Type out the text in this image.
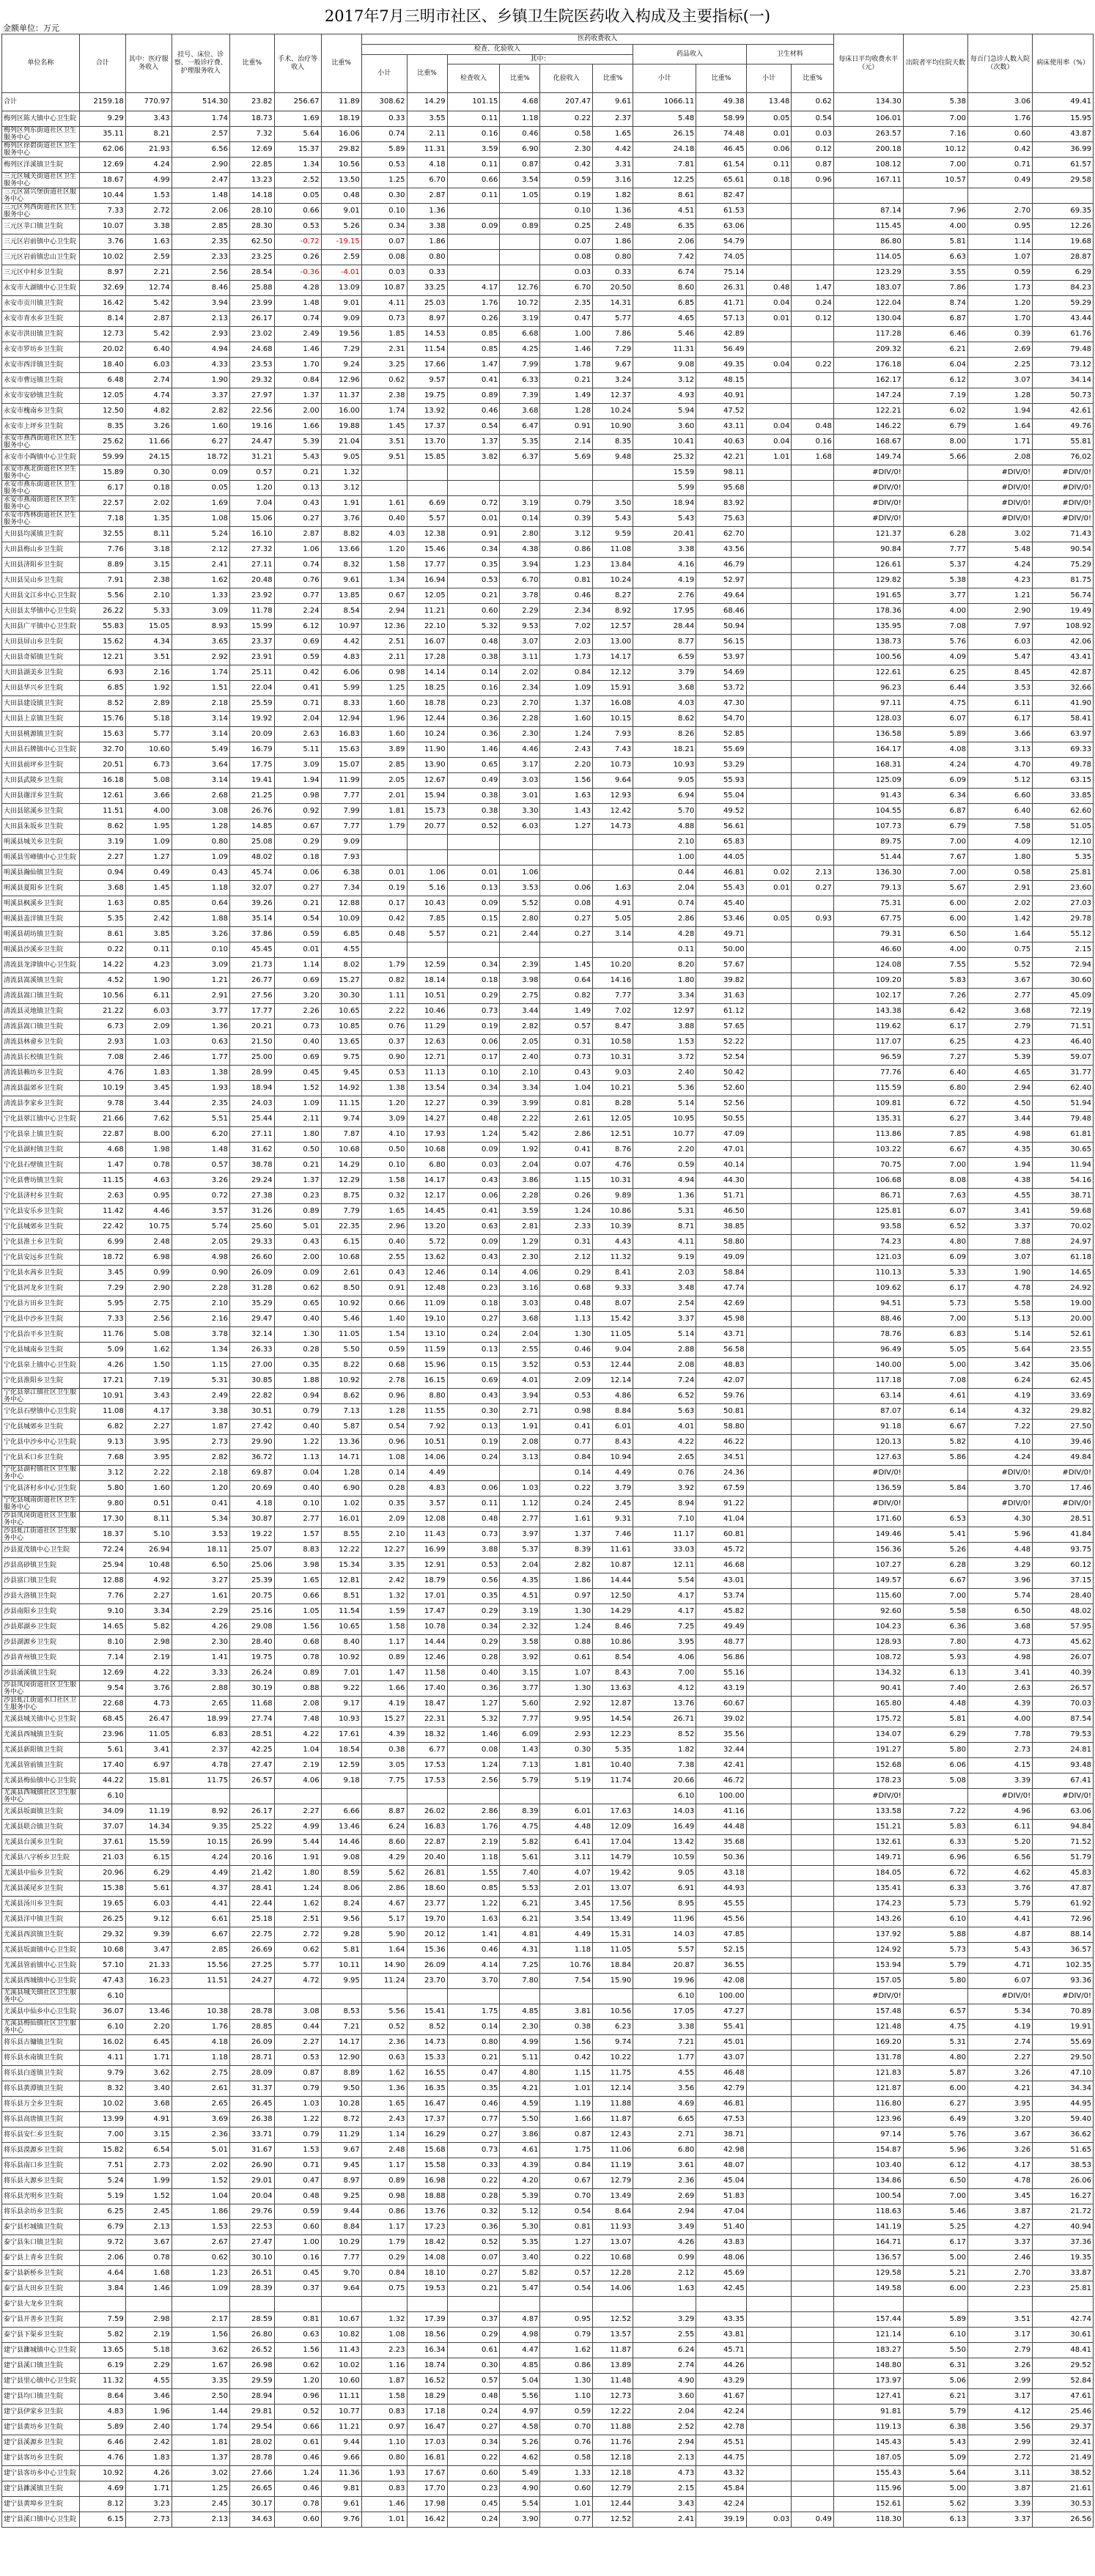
2017年7月三明市社区、乡镇卫生院医药收入构成及主要指标(一)
金额单位：万元
单位名称	合计	其中：医疗服务收入	挂号、床位、诊察、一般诊疗费、护理服务收入	比重%	手术、治疗等收入	比重%	医药收费收入										每床日平均收费水平（元）	出院者平均住院天数	每百门急诊人数入院（次数）	病床使用率（%）
							检查、化验收入						药品收入		卫生材料					
							小计	比重%	其中：											
									检查收入	比重%	化验收入	比重%	小计	比重%	小计	比重%				
合计	2159.18	770.97	514.30	23.82	256.67	11.89	308.62	14.29	101.15	4.68	207.47	9.61	1066.11	49.38	13.48	0.62	134.30	5.38	3.06	49.41
梅列区陈大镇中心卫生院	9.29	3.43	1.74	18.73	1.69	18.19	0.33	3.55	0.11	1.18	0.22	2.37	5.48	58.99	0.05	0.54	106.01	7.00	1.76	15.95
梅列区列东街道社区卫生服务中心	35.11	8.21	2.57	7.32	5.64	16.06	0.74	2.11	0.16	0.46	0.58	1.65	26.15	74.48	0.01	0.03	263.57	7.16	0.60	43.87
梅列区徐碧街道社区卫生服务中心	62.06	21.93	6.56	12.69	15.37	29.82	5.89	11.31	3.59	6.90	2.30	4.42	24.18	46.45	0.06	0.12	200.18	10.12	0.42	36.99
梅列区洋溪镇卫生院	12.69	4.24	2.90	22.85	1.34	10.56	0.53	4.18	0.11	0.87	0.42	3.31	7.81	61.54	0.11	0.87	108.12	7.00	0.71	61.57
三元区城关街道社区卫生服务中心	18.67	4.99	2.47	13.23	2.52	13.50	1.25	6.70	0.66	3.54	0.59	3.16	12.25	65.61	0.18	0.96	167.11	10.57	0.49	29.58
三元区富兴堡街道社区服务中心	10.44	1.53	1.48	14.18	0.05	0.48	0.30	2.87	0.11	1.05	0.19	1.82	8.61	82.47						
三元区列西街道社区卫生服务中心	7.33	2.72	2.06	28.10	0.66	9.01	0.10	1.36			0.10	1.36	4.51	61.53			87.14	7.96	2.70	69.35
三元区莘口镇卫生院	10.07	3.38	2.85	28.30	0.53	5.26	0.34	3.38	0.09	0.89	0.25	2.48	6.35	63.06			115.45	4.00	0.95	12.26
三元区岩前镇中心卫生院	3.76	1.63	2.35	62.50	-0.72	-19.15	0.07	1.86			0.07	1.86	2.06	54.79			86.80	5.81	1.14	19.68
三元区岩前镇忠山卫生院	10.02	2.59	2.33	23.25	0.26	2.59	0.08	0.80			0.08	0.80	7.42	74.05			114.05	6.63	1.07	28.87
三元区中村乡卫生院	8.97	2.21	2.56	28.54	-0.36	-4.01	0.03	0.33			0.03	0.33	6.74	75.14			123.29	3.55	0.59	6.29
永安市大湖镇中心卫生院	32.69	12.74	8.46	25.88	4.28	13.09	10.87	33.25	4.17	12.76	6.70	20.50	8.60	26.31	0.48	1.47	183.07	7.86	1.73	84.23
永安市贡川镇卫生院	16.42	5.42	3.94	23.99	1.48	9.01	4.11	25.03	1.76	10.72	2.35	14.31	6.85	41.71	0.04	0.24	122.04	8.74	1.20	59.29
永安市青水乡卫生院	8.14	2.87	2.13	26.17	0.74	9.09	0.73	8.97	0.26	3.19	0.47	5.77	4.65	57.13	0.01	0.12	130.04	6.87	1.70	43.44
永安市洪田镇卫生院	12.73	5.42	2.93	23.02	2.49	19.56	1.85	14.53	0.85	6.68	1.00	7.86	5.46	42.89			117.28	6.46	0.39	61.76
永安市罗坊乡卫生院	20.02	6.40	4.94	24.68	1.46	7.29	2.31	11.54	0.85	4.25	1.46	7.29	11.31	56.49			209.32	6.21	2.69	79.48
永安市西洋镇卫生院	18.40	6.03	4.33	23.53	1.70	9.24	3.25	17.66	1.47	7.99	1.78	9.67	9.08	49.35	0.04	0.22	176.18	6.04	2.25	73.12
永安市曹远镇卫生院	6.48	2.74	1.90	29.32	0.84	12.96	0.62	9.57	0.41	6.33	0.21	3.24	3.12	48.15			162.17	6.12	3.07	34.14
永安市安砂镇卫生院	12.05	4.74	3.37	27.97	1.37	11.37	2.38	19.75	0.89	7.39	1.49	12.37	4.93	40.91			147.24	7.19	1.28	50.73
永安市槐南乡卫生院	12.50	4.82	2.82	22.56	2.00	16.00	1.74	13.92	0.46	3.68	1.28	10.24	5.94	47.52			122.21	6.02	1.94	42.61
永安市上坪乡卫生院	8.35	3.26	1.60	19.16	1.66	19.88	1.45	17.37	0.54	6.47	0.91	10.90	3.60	43.11	0.04	0.48	146.22	6.79	1.64	49.76
永安市燕西街道社区卫生服务中心	25.62	11.66	6.27	24.47	5.39	21.04	3.51	13.70	1.37	5.35	2.14	8.35	10.41	40.63	0.04	0.16	168.67	8.00	1.71	55.81
永安市小陶镇中心卫生院	59.99	24.15	18.72	31.21	5.43	9.05	9.51	15.85	3.82	6.37	5.69	9.48	25.32	42.21	1.01	1.68	149.74	5.66	2.08	76.02
永安市燕北街道社区卫生服务中心	15.89	0.30	0.09	0.57	0.21	1.32							15.59	98.11			#DIV/0!		#DIV/0!	#DIV/0!
永安市燕东街道社区卫生服务中心	6.17	0.18	0.05	1.20	0.13	3.12							5.99	95.68			#DIV/0!		#DIV/0!	#DIV/0!
永安市燕南街道社区卫生服务中心	22.57	2.02	1.69	7.04	0.43	1.91	1.61	6.69	0.72	3.19	0.79	3.50	18.94	83.92			#DIV/0!		#DIV/0!	#DIV/0!
永安市西林街道社区卫生服务中心	7.18	1.35	1.08	15.06	0.27	3.76	0.40	5.57	0.01	0.14	0.39	5.43	5.43	75.63			#DIV/0!		#DIV/0!	#DIV/0!
大田县均溪镇卫生院	32.55	8.11	5.24	16.10	2.87	8.82	4.03	12.38	0.91	2.80	3.12	9.59	20.41	62.70			121.37	6.28	3.02	71.43
大田县梅山乡卫生院	7.76	3.18	2.12	27.32	1.06	13.66	1.20	15.46	0.34	4.38	0.86	11.08	3.38	43.56			90.84	7.77	5.48	90.54
大田县济阳乡卫生院	8.89	3.15	2.41	27.11	0.74	8.32	1.58	17.77	0.35	3.94	1.23	13.84	4.16	46.79			126.61	5.37	4.24	75.29
大田县吴山乡卫生院	7.91	2.38	1.62	20.48	0.76	9.61	1.34	16.94	0.53	6.70	0.81	10.24	4.19	52.97			129.82	5.38	4.23	81.75
大田县文江乡中心卫生院	5.56	2.10	1.33	23.92	0.77	13.85	0.67	12.05	0.21	3.78	0.46	8.27	2.76	49.64			191.65	3.77	1.21	56.74
大田县太华镇中心卫生院	26.22	5.33	3.09	11.78	2.24	8.54	2.94	11.21	0.60	2.29	2.34	8.92	17.95	68.46			178.36	4.00	2.90	19.49
大田县广平镇中心卫生院	55.83	15.05	8.93	15.99	6.12	10.97	12.36	22.10	5.32	9.53	7.02	12.57	28.44	50.94			135.95	7.08	7.97	108.92
大田县屏山乡卫生院	15.62	4.34	3.65	23.37	0.69	4.42	2.51	16.07	0.48	3.07	2.03	13.00	8.77	56.15			138.73	5.76	6.03	42.06
大田县奇韬镇卫生院	12.21	3.51	2.92	23.91	0.59	4.83	2.11	17.28	0.38	3.11	1.73	14.17	6.59	53.97			100.56	4.09	5.47	43.41
大田县湖美乡卫生院	6.93	2.16	1.74	25.11	0.42	6.06	0.98	14.14	0.14	2.02	0.84	12.12	3.79	54.69			122.61	6.25	8.45	42.87
大田县华兴乡卫生院	6.85	1.92	1.51	22.04	0.41	5.99	1.25	18.25	0.16	2.34	1.09	15.91	3.68	53.72			96.23	6.44	3.53	32.66
大田县建设镇卫生院	8.52	2.89	2.18	25.59	0.71	8.33	1.60	18.78	0.23	2.70	1.37	16.08	4.03	47.30			97.11	4.75	6.11	41.90
大田县上京镇卫生院	15.76	5.18	3.14	19.92	2.04	12.94	1.96	12.44	0.36	2.28	1.60	10.15	8.62	54.70			128.03	6.07	6.17	58.41
大田县桃源镇卫生院	15.63	5.77	3.14	20.09	2.63	16.83	1.60	10.24	0.36	2.30	1.24	7.93	8.26	52.85			136.58	5.89	3.66	63.97
大田县石牌镇中心卫生院	32.70	10.60	5.49	16.79	5.11	15.63	3.89	11.90	1.46	4.46	2.43	7.43	18.21	55.69			164.17	4.08	3.13	69.33
大田县前坪乡卫生院	20.51	6.73	3.64	17.75	3.09	15.07	2.85	13.90	0.65	3.17	2.20	10.73	10.93	53.29			168.31	4.24	4.70	49.78
大田县武陵乡卫生院	16.18	5.08	3.14	19.41	1.94	11.99	2.05	12.67	0.49	3.03	1.56	9.64	9.05	55.93			125.09	6.09	5.12	63.15
大田县谢洋乡卫生院	12.61	3.66	2.68	21.25	0.98	7.77	2.01	15.94	0.38	3.01	1.63	12.93	6.94	55.04			91.43	6.34	6.60	33.85
大田县铭溪乡卫生院	11.51	4.00	3.08	26.76	0.92	7.99	1.81	15.73	0.38	3.30	1.43	12.42	5.70	49.52			104.55	6.87	6.40	62.60
大田县朱坂乡卫生院	8.62	1.95	1.28	14.85	0.67	7.77	1.79	20.77	0.52	6.03	1.27	14.73	4.88	56.61			107.73	6.79	7.58	51.05
明溪县城关乡卫生院	3.19	1.09	0.80	25.08	0.29	9.09							2.10	65.83			89.75	7.00	4.09	12.10
明溪县雪峰镇中心卫生院	2.27	1.27	1.09	48.02	0.18	7.93							1.00	44.05			51.44	7.67	1.80	5.35
明溪县瀚仙镇卫生院	0.94	0.49	0.43	45.74	0.06	6.38	0.01	1.06	0.01	1.06			0.44	46.81	0.02	2.13	136.30	7.00	0.58	25.81
明溪县夏阳乡卫生院	3.68	1.45	1.18	32.07	0.27	7.34	0.19	5.16	0.13	3.53	0.06	1.63	2.04	55.43	0.01	0.27	79.13	5.67	2.91	23.60
明溪县枫溪乡卫生院	1.63	0.85	0.64	39.26	0.21	12.88	0.17	10.43	0.09	5.52	0.08	4.91	0.74	45.40			75.31	6.00	2.02	27.03
明溪县盖洋镇卫生院	5.35	2.42	1.88	35.14	0.54	10.09	0.42	7.85	0.15	2.80	0.27	5.05	2.86	53.46	0.05	0.93	67.75	6.00	1.42	29.78
明溪县胡坊镇卫生院	8.61	3.85	3.26	37.86	0.59	6.85	0.48	5.57	0.21	2.44	0.27	3.14	4.28	49.71			79.31	6.50	1.64	55.12
明溪县沙溪乡卫生院	0.22	0.11	0.10	45.45	0.01	4.55							0.11	50.00			46.60	4.00	0.75	2.15
清流县龙津镇中心卫生院	14.22	4.23	3.09	21.73	1.14	8.02	1.79	12.59	0.34	2.39	1.45	10.20	8.20	57.67			124.08	7.55	5.52	72.94
清流县嵩溪镇卫生院	4.52	1.90	1.21	26.77	0.69	15.27	0.82	18.14	0.18	3.98	0.64	14.16	1.80	39.82			109.20	5.83	3.67	30.60
清流县嵩口镇卫生院	10.56	6.11	2.91	27.56	3.20	30.30	1.11	10.51	0.29	2.75	0.82	7.77	3.34	31.63			102.17	7.26	2.77	45.09
清流县灵地镇卫生院	21.22	6.03	3.77	17.77	2.26	10.65	2.22	10.46	0.73	3.44	1.49	7.02	12.97	61.12			143.38	6.42	3.68	72.19
清流县嵩口镇卫生院	6.73	2.09	1.36	20.21	0.73	10.85	0.76	11.29	0.19	2.82	0.57	8.47	3.88	57.65			119.62	6.17	2.79	71.51
清流县林畲乡卫生院	2.93	1.03	0.63	21.50	0.40	13.65	0.37	12.63	0.06	2.05	0.31	10.58	1.53	52.22			117.07	6.25	4.23	46.40
清流县长校镇卫生院	7.08	2.46	1.77	25.00	0.69	9.75	0.90	12.71	0.17	2.40	0.73	10.31	3.72	52.54			96.59	7.27	5.39	59.07
清流县赖坊乡卫生院	4.76	1.83	1.38	28.99	0.45	9.45	0.53	11.13	0.10	2.10	0.43	9.03	2.40	50.42			77.76	6.40	4.65	31.77
清流县温郊乡卫生院	10.19	3.45	1.93	18.94	1.52	14.92	1.38	13.54	0.34	3.34	1.04	10.21	5.36	52.60			115.59	6.80	2.94	62.40
清流县李家乡卫生院	9.78	3.44	2.35	24.03	1.09	11.15	1.20	12.27	0.39	3.99	0.81	8.28	5.14	52.56			109.81	6.72	4.50	51.94
宁化县翠江镇中心卫生院	21.66	7.62	5.51	25.44	2.11	9.74	3.09	14.27	0.48	2.22	2.61	12.05	10.95	50.55			135.31	6.27	3.44	79.48
宁化县泉上镇卫生院	22.87	8.00	6.20	27.11	1.80	7.87	4.10	17.93	1.24	5.42	2.86	12.51	10.77	47.09			113.86	7.85	4.98	61.81
宁化县湖村镇卫生院	4.68	1.98	1.48	31.62	0.50	10.68	0.50	10.68	0.09	1.92	0.41	8.76	2.20	47.01			103.22	6.67	4.35	30.65
宁化县石壁镇卫生院	1.47	0.78	0.57	38.78	0.21	14.29	0.10	6.80	0.03	2.04	0.07	4.76	0.59	40.14			70.75	7.00	1.94	11.94
宁化县曹坊镇卫生院	11.15	4.63	3.26	29.24	1.37	12.29	1.58	14.17	0.43	3.86	1.15	10.31	4.94	44.30			106.68	8.08	4.38	54.16
宁化县济村乡卫生院	2.63	0.95	0.72	27.38	0.23	8.75	0.32	12.17	0.06	2.28	0.26	9.89	1.36	51.71			86.71	7.63	4.55	38.71
宁化县安乐乡卫生院	11.42	4.46	3.57	31.26	0.89	7.79	1.65	14.45	0.41	3.59	1.24	10.86	5.31	46.50			125.81	6.07	3.41	59.68
宁化县城郊乡卫生院	22.42	10.75	5.74	25.60	5.01	22.35	2.96	13.20	0.63	2.81	2.33	10.39	8.71	38.85			93.58	6.52	3.37	70.02
宁化县淮土乡卫生院	6.99	2.48	2.05	29.33	0.43	6.15	0.40	5.72	0.09	1.29	0.31	4.43	4.11	58.80			74.23	4.80	7.88	24.97
宁化县安远乡卫生院	18.72	6.98	4.98	26.60	2.00	10.68	2.55	13.62	0.43	2.30	2.12	11.32	9.19	49.09			121.03	6.09	3.07	61.18
宁化县水茜乡卫生院	3.45	0.99	0.90	26.09	0.09	2.61	0.43	12.46	0.14	4.06	0.29	8.41	2.03	58.84			110.13	5.33	1.90	14.65
宁化县河龙乡卫生院	7.29	2.90	2.28	31.28	0.62	8.50	0.91	12.48	0.23	3.16	0.68	9.33	3.48	47.74			109.62	6.17	4.78	24.92
宁化县方田乡卫生院	5.95	2.75	2.10	35.29	0.65	10.92	0.66	11.09	0.18	3.03	0.48	8.07	2.54	42.69			94.51	5.73	5.58	19.00
宁化县中沙乡卫生院	7.33	2.56	2.16	29.47	0.40	5.46	1.40	19.10	0.27	3.68	1.13	15.42	3.37	45.98			88.46	7.00	5.13	20.00
宁化县治平乡卫生院	11.76	5.08	3.78	32.14	1.30	11.05	1.54	13.10	0.24	2.04	1.30	11.05	5.14	43.71			78.76	6.83	5.14	52.61
宁化县城南乡卫生院	5.09	1.62	1.34	26.33	0.28	5.50	0.59	11.59	0.13	2.55	0.46	9.04	2.88	56.58			96.49	5.05	5.64	23.55
宁化县泉上镇中心卫生院	4.26	1.50	1.15	27.00	0.35	8.22	0.68	15.96	0.15	3.52	0.53	12.44	2.08	48.83			140.00	5.00	3.42	35.06
宁化县淮阳乡卫生院	17.21	7.19	5.31	30.85	1.88	10.92	2.78	16.15	0.69	4.01	2.09	12.14	7.24	42.07			117.18	7.08	6.24	62.45
宁化县翠江镇社区卫生服务中心	10.91	3.43	2.49	22.82	0.94	8.62	0.96	8.80	0.43	3.94	0.53	4.86	6.52	59.76			63.14	4.61	4.19	33.69
宁化县石壁镇中心卫生院	11.08	4.17	3.38	30.51	0.79	7.13	1.28	11.55	0.30	2.71	0.98	8.84	5.63	50.81			87.07	6.14	4.32	29.82
宁化县城郊乡卫生院	6.82	2.27	1.87	27.42	0.40	5.87	0.54	7.92	0.13	1.91	0.41	6.01	4.01	58.80			91.18	6.67	7.22	27.50
宁化县中沙乡中心卫生院	9.13	3.95	2.73	29.90	1.22	13.36	0.96	10.51	0.19	2.08	0.77	8.43	4.22	46.22			120.13	5.82	4.10	39.46
宁化县禾口乡卫生院	7.68	3.95	2.82	36.72	1.13	14.71	1.08	14.06	0.24	3.13	0.84	10.94	2.65	34.51			127.63	5.86	4.24	49.84
宁化县湖村镇社区卫生服务中心	3.12	2.22	2.18	69.87	0.04	1.28	0.14	4.49			0.14	4.49	0.76	24.36			#DIV/0!		#DIV/0!	#DIV/0!
宁化县济村乡中心卫生院	5.80	1.60	1.20	20.69	0.40	6.90	0.28	4.83	0.06	1.03	0.22	3.79	3.92	67.59			136.59	5.84	3.70	17.46
宁化县城南街道社区卫生服务中心	9.80	0.51	0.41	4.18	0.10	1.02	0.35	3.57	0.11	1.12	0.24	2.45	8.94	91.22			#DIV/0!		#DIV/0!	#DIV/0!
沙县凤岗街道社区卫生服务中心	17.30	8.11	5.34	30.87	2.77	16.01	2.09	12.08	0.48	2.77	1.61	9.31	7.10	41.04			171.60	6.53	4.30	28.51
沙县虬江街道社区卫生服务中心	18.37	5.10	3.53	19.22	1.57	8.55	2.10	11.43	0.73	3.97	1.37	7.46	11.17	60.81			149.46	5.41	5.96	41.84
沙县夏茂镇中心卫生院	72.24	26.94	18.11	25.07	8.83	12.22	12.27	16.99	3.88	5.37	8.39	11.61	33.03	45.72			156.36	5.26	4.48	93.75
沙县高砂镇卫生院	25.94	10.48	6.50	25.06	3.98	15.34	3.35	12.91	0.53	2.04	2.82	10.87	12.11	46.68			107.27	6.28	3.29	60.12
沙县富口镇卫生院	12.88	4.92	3.27	25.39	1.65	12.81	2.42	18.79	0.56	4.35	1.86	14.44	5.54	43.01			149.57	6.67	3.96	37.15
沙县大洛镇卫生院	7.76	2.27	1.61	20.75	0.66	8.51	1.32	17.01	0.35	4.51	0.97	12.50	4.17	53.74			115.60	7.00	5.74	28.40
沙县南阳乡卫生院	9.10	3.34	2.29	25.16	1.05	11.54	1.59	17.47	0.29	3.19	1.30	14.29	4.17	45.82			92.60	5.58	6.50	48.02
沙县郑湖乡卫生院	14.65	5.82	4.26	29.08	1.56	10.65	1.58	10.78	0.34	2.32	1.24	8.46	7.25	49.49			104.23	6.36	3.68	57.95
沙县湖源乡卫生院	8.10	2.98	2.30	28.40	0.68	8.40	1.17	14.44	0.29	3.58	0.88	10.86	3.95	48.77			128.93	7.80	4.73	45.62
沙县青州镇卫生院	7.14	2.19	1.41	19.75	0.78	10.92	0.89	12.46	0.28	3.92	0.61	8.54	4.06	56.86			108.72	5.93	4.98	26.07
沙县涌溪镇卫生院	12.69	4.22	3.33	26.24	0.89	7.01	1.47	11.58	0.40	3.15	1.07	8.43	7.00	55.16			134.32	6.13	3.41	40.39
沙县凤岗街道社区卫生服务中心	9.54	3.76	2.88	30.19	0.88	9.22	1.66	17.40	0.36	3.77	1.30	13.63	4.12	43.19			90.41	7.40	2.63	26.57
沙县虬江街道水口社区卫生服务中心	22.68	4.73	2.65	11.68	2.08	9.17	4.19	18.47	1.27	5.60	2.92	12.87	13.76	60.67			165.80	4.48	4.39	70.03
尤溪县城关镇中心卫生院	68.45	26.47	18.99	27.74	7.48	10.93	15.27	22.31	5.32	7.77	9.95	14.54	26.71	39.02			175.72	5.81	4.00	87.54
尤溪县西城镇卫生院	23.96	11.05	6.83	28.51	4.22	17.61	4.39	18.32	1.46	6.09	2.93	12.23	8.52	35.56			134.07	6.29	7.78	79.53
尤溪县新阳镇卫生院	5.61	3.41	2.37	42.25	1.04	18.54	0.38	6.77	0.08	1.43	0.30	5.35	1.82	32.44			191.27	5.80	2.73	24.81
尤溪县管前镇卫生院	17.40	6.97	4.78	27.47	2.19	12.59	3.05	17.53	1.24	7.13	1.81	10.40	7.38	42.41			152.68	6.06	4.15	93.48
尤溪县梅仙镇中心卫生院	44.22	15.81	11.75	26.57	4.06	9.18	7.75	17.53	2.56	5.79	5.19	11.74	20.66	46.72			178.23	5.08	3.39	67.41
尤溪县西城镇社区卫生服务中心	6.10												6.10	100.00			#DIV/0!		#DIV/0!	#DIV/0!
尤溪县坂面镇卫生院	34.09	11.19	8.92	26.17	2.27	6.66	8.87	26.02	2.86	8.39	6.01	17.63	14.03	41.16			133.58	7.22	4.96	63.06
尤溪县联合镇卫生院	37.07	14.34	9.35	25.22	4.99	13.46	6.24	16.83	1.76	4.75	4.48	12.09	16.49	44.48			151.21	5.83	6.11	94.84
尤溪县台溪乡卫生院	37.61	15.59	10.15	26.99	5.44	14.46	8.60	22.87	2.19	5.82	6.41	17.04	13.42	35.68			132.61	6.33	5.20	71.52
尤溪县八字桥乡卫生院	21.03	6.15	4.24	20.16	1.91	9.08	4.29	20.40	1.18	5.61	3.11	14.79	10.59	50.36			149.71	6.96	6.56	51.79
尤溪县中仙乡卫生院	20.96	6.29	4.49	21.42	1.80	8.59	5.62	26.81	1.55	7.40	4.07	19.42	9.05	43.18			184.05	6.72	4.62	45.83
尤溪县溪尾乡卫生院	15.38	5.61	4.37	28.41	1.24	8.06	2.86	18.60	0.85	5.53	2.01	13.07	6.91	44.93			135.41	6.33	3.76	47.87
尤溪县汤川乡卫生院	19.65	6.03	4.41	22.44	1.62	8.24	4.67	23.77	1.22	6.21	3.45	17.56	8.95	45.55			174.23	5.73	5.79	61.92
尤溪县洋中镇卫生院	26.25	9.12	6.61	25.18	2.51	9.56	5.17	19.70	1.63	6.21	3.54	13.49	11.96	45.56			143.26	6.10	4.41	72.96
尤溪县西滨镇卫生院	29.32	9.39	6.67	22.75	2.72	9.28	5.90	20.12	1.41	4.81	4.49	15.31	14.03	47.85			137.92	5.88	4.87	88.14
尤溪县坂面镇中心卫生院	10.68	3.47	2.85	26.69	0.62	5.81	1.64	15.36	0.46	4.31	1.18	11.05	5.57	52.15			124.92	5.73	5.43	36.57
尤溪县管前镇中心卫生院	57.10	21.33	15.56	27.25	5.77	10.11	14.90	26.09	4.14	7.25	10.76	18.84	20.87	36.55			153.94	5.79	4.71	102.35
尤溪县西城镇中心卫生院	47.43	16.23	11.51	24.27	4.72	9.95	11.24	23.70	3.70	7.80	7.54	15.90	19.96	42.08			157.05	5.80	6.07	93.36
尤溪县城关镇社区卫生服务中心	6.10												6.10	100.00			#DIV/0!		#DIV/0!	#DIV/0!
尤溪县中仙乡中心卫生院	36.07	13.46	10.38	28.78	3.08	8.53	5.56	15.41	1.75	4.85	3.81	10.56	17.05	47.27			157.48	6.57	5.34	70.89
尤溪县梅仙镇社区卫生服务中心	6.10	2.20	1.76	28.85	0.44	7.21	0.52	8.52	0.14	2.30	0.38	6.23	3.38	55.41			121.48	4.75	4.19	19.91
将乐县古镛镇卫生院	16.02	6.45	4.18	26.09	2.27	14.17	2.36	14.73	0.80	4.99	1.56	9.74	7.21	45.01			169.20	5.31	2.74	55.69
将乐县水南镇卫生院	4.11	1.71	1.18	28.71	0.53	12.90	0.63	15.33	0.21	5.11	0.42	10.22	1.77	43.07			131.78	4.80	2.27	29.50
将乐县白莲镇卫生院	9.79	3.62	2.75	28.09	0.87	8.89	1.62	16.55	0.47	4.80	1.15	11.75	4.55	46.48			121.83	5.87	3.26	47.10
将乐县黄潭镇卫生院	8.32	3.40	2.61	31.37	0.79	9.50	1.36	16.35	0.35	4.21	1.01	12.14	3.56	42.79			121.87	6.00	4.21	34.34
将乐县万全乡卫生院	10.02	3.68	2.65	26.45	1.03	10.28	1.65	16.47	0.46	4.59	1.19	11.88	4.69	46.81			116.80	6.27	3.95	44.95
将乐县高唐镇卫生院	13.99	4.91	3.69	26.38	1.22	8.72	2.43	17.37	0.77	5.50	1.66	11.87	6.65	47.53			123.96	6.49	3.20	59.40
将乐县安仁乡卫生院	7.00	3.15	2.36	33.71	0.79	11.29	1.14	16.29	0.27	3.86	0.87	12.43	2.71	38.71			97.14	5.76	3.67	36.62
将乐县漠源乡卫生院	15.82	6.54	5.01	31.67	1.53	9.67	2.48	15.68	0.73	4.61	1.75	11.06	6.80	42.98			154.87	5.96	3.26	51.65
将乐县南口乡卫生院	7.51	2.73	2.02	26.90	0.71	9.45	1.17	15.58	0.33	4.39	0.84	11.19	3.61	48.07			103.40	6.12	4.17	38.53
将乐县大源乡卫生院	5.24	1.99	1.52	29.01	0.47	8.97	0.89	16.98	0.22	4.20	0.67	12.79	2.36	45.04			134.86	6.50	4.78	26.06
将乐县光明乡卫生院	5.19	1.52	1.04	20.04	0.48	9.25	0.98	18.88	0.28	5.39	0.70	13.49	2.69	51.83			100.54	7.00	3.45	16.27
将乐县余坊乡卫生院	6.25	2.45	1.86	29.76	0.59	9.44	0.86	13.76	0.32	5.12	0.54	8.64	2.94	47.04			118.63	5.46	3.87	21.72
泰宁县杉城镇卫生院	6.79	2.13	1.53	22.53	0.60	8.84	1.17	17.23	0.36	5.30	0.81	11.93	3.49	51.40			141.19	5.25	4.27	40.94
泰宁县朱口镇卫生院	9.72	3.67	2.67	27.47	1.00	10.29	1.79	18.42	0.52	5.35	1.27	13.07	4.26	43.83			164.71	6.17	3.37	37.36
泰宁县上青乡卫生院	2.06	0.78	0.62	30.10	0.16	7.77	0.29	14.08	0.07	3.40	0.22	10.68	0.99	48.06			136.57	5.00	2.46	19.35
泰宁县新桥乡卫生院	4.64	1.68	1.23	26.51	0.45	9.70	0.84	18.10	0.27	5.82	0.57	12.28	2.12	45.69			129.58	5.21	2.70	33.87
泰宁县大田乡卫生院	3.84	1.46	1.09	28.39	0.37	9.64	0.75	19.53	0.21	5.47	0.54	14.06	1.63	42.45			149.58	6.00	2.23	25.81
泰宁县大龙乡卫生院																				
泰宁县开善乡卫生院	7.59	2.98	2.17	28.59	0.81	10.67	1.32	17.39	0.37	4.87	0.95	12.52	3.29	43.35			157.44	5.89	3.51	42.74
泰宁县下渠乡卫生院	5.82	2.19	1.56	26.80	0.63	10.82	1.08	18.56	0.29	4.98	0.79	13.57	2.55	43.81			121.14	6.10	3.17	30.61
建宁县濉城镇中心卫生院	13.65	5.18	3.62	26.52	1.56	11.43	2.23	16.34	0.61	4.47	1.62	11.87	6.24	45.71			183.27	5.50	2.79	48.41
建宁县溪口镇卫生院	6.19	2.29	1.67	26.98	0.62	10.02	1.16	18.74	0.30	4.85	0.86	13.89	2.74	44.26			148.80	6.31	3.26	29.52
建宁县里心镇中心卫生院	11.32	4.55	3.35	29.59	1.20	10.60	1.87	16.52	0.57	5.04	1.30	11.48	4.90	43.29			173.97	5.06	2.99	52.84
建宁县均口镇卫生院	8.64	3.46	2.50	28.94	0.96	11.11	1.58	18.29	0.48	5.56	1.10	12.73	3.60	41.67			127.41	6.21	3.17	47.61
建宁县伊家乡卫生院	4.83	1.96	1.44	29.81	0.52	10.77	0.83	17.18	0.24	4.97	0.59	12.22	2.04	42.24			91.81	5.79	4.12	25.46
建宁县黄坊乡卫生院	5.89	2.40	1.74	29.54	0.66	11.21	0.97	16.47	0.27	4.58	0.70	11.88	2.52	42.78			119.13	6.38	3.56	29.37
建宁县溪源乡卫生院	6.46	2.42	1.81	28.02	0.61	9.44	1.10	17.03	0.34	5.26	0.76	11.76	2.94	45.51			145.43	5.43	2.99	32.41
建宁县客坊乡卫生院	4.76	1.83	1.37	28.78	0.46	9.66	0.80	16.81	0.22	4.62	0.58	12.18	2.13	44.75			187.05	5.09	2.72	21.49
建宁县客坊乡中心卫生院	10.92	4.26	3.02	27.66	1.24	11.36	1.93	17.67	0.60	5.49	1.33	12.18	4.73	43.32			155.43	5.64	3.11	38.52
建宁县濉溪镇卫生院	4.69	1.71	1.25	26.65	0.46	9.81	0.83	17.70	0.23	4.90	0.60	12.79	2.15	45.84			115.96	5.00	3.87	21.61
建宁县黄埠乡卫生院	8.12	3.23	2.45	30.17	0.78	9.61	1.46	17.98	0.45	5.54	1.01	12.44	3.43	42.24			152.61	5.62	3.39	30.53
建宁县溪口镇中心卫生院	6.15	2.73	2.13	34.63	0.60	9.76	1.01	16.42	0.24	3.90	0.77	12.52	2.41	39.19	0.03	0.49	118.30	6.13	3.37	26.56
